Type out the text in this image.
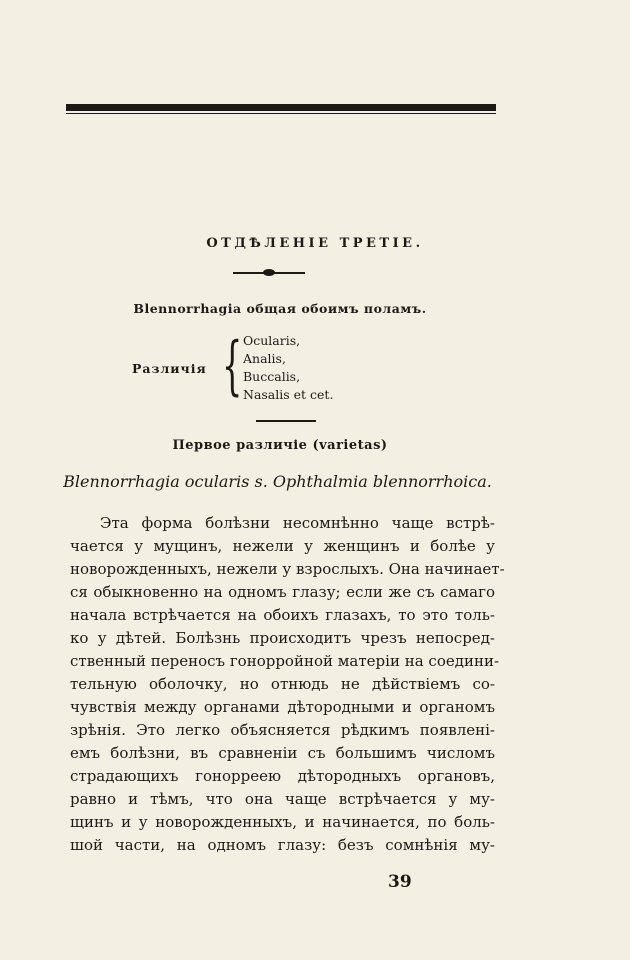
ОТДѢЛЕНІЕ ТРЕТІЕ.
Blennorrhagia общая обоимъ поламъ.
Различія { Ocularis,
Analis,
Buccalis,
Nasalis et cet.
Первое различіе (varietas)
Blennorrhagia ocularis s. Ophthalmia blennorrhoica.
Эта форма болѣзни несомнѣнно чаще встрѣ-
чается у мущинъ, нежели у женщинъ и болѣе у
новорожденныхъ, нежели у взрослыхъ. Она начинает-
ся обыкновенно на одномъ глазу; если же съ самаго
начала встрѣчается на обоихъ глазахъ, то это толь-
ко у дѣтей. Болѣзнь происходитъ чрезъ непосред-
ственный переносъ гонорройной матеріи на соедини-
тельную оболочку, но отнюдь не дѣйствіемъ со-
чувствія между органами дѣтородными и органомъ
зрѣнія. Это легко объясняется рѣдкимъ появлені-
емъ болѣзни, въ сравненіи съ большимъ числомъ
страдающихъ гонорреею дѣтородныхъ органовъ,
равно и тѣмъ, что она чаще встрѣчается у му-
щинъ и у новорожденныхъ, и начинается, по боль-
шой части, на одномъ глазу: безъ сомнѣнія му-
39
